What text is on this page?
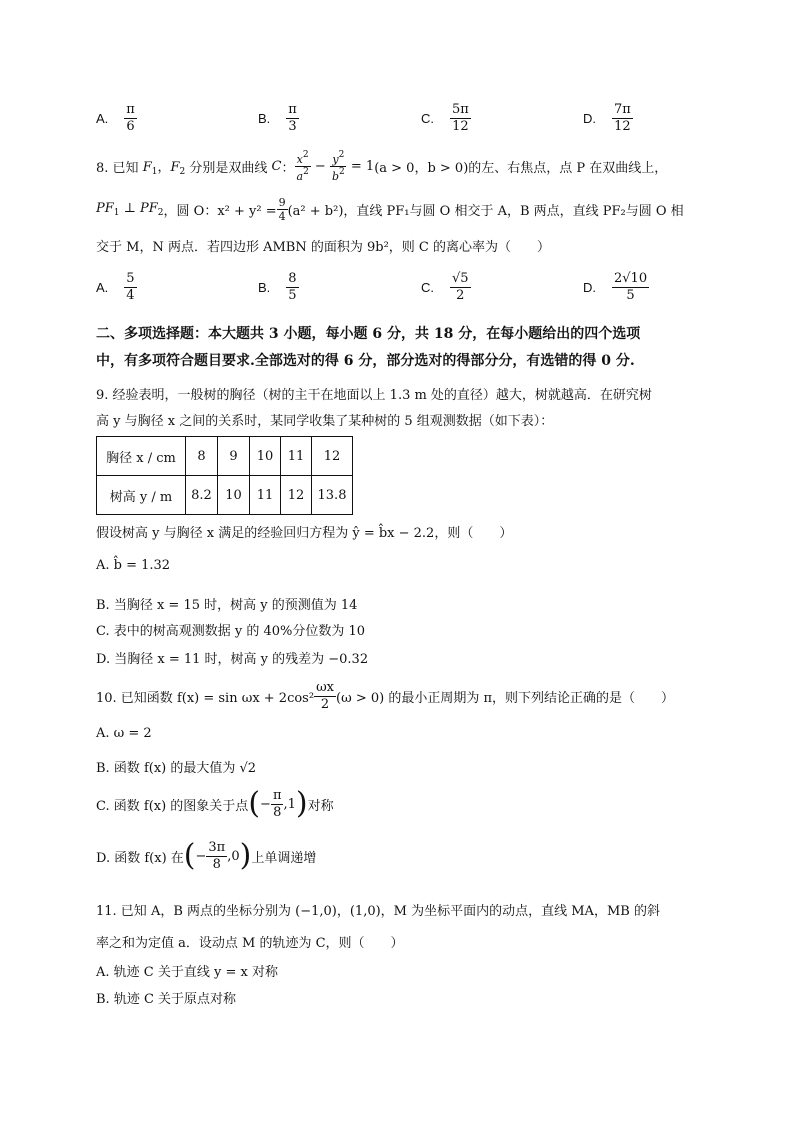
A. $\frac{\pi}{6}$	B. $\frac{\pi}{3}$	C. $\frac{5\pi}{12}$	D. $\frac{7\pi}{12}$
8. 已知 $F_1$，$F_2$ 分别是双曲线
C ： $\frac{x^2}{a^2} - \frac{y^2}{b^2} = 1$ (a > 0，b > 0)的左、右焦点，点 P 在双曲线上，
$PF_1$ ⊥ $PF_2$ ，圆 O：$x^2 + y^2 = \frac{9}{4} (a^2 + b^2)$，直线 PF₁与圆 O 相交于 A，B 两点，直线 PF₂与圆 O 相
交于 M，N 两点．若四边形 AMBN 的面积为 9b²，则 C 的离心率为（　　）
A. $\frac{5}{4}$	B. $\frac{8}{5}$	C. $\frac{√5}{2}$	D. $\frac{2√10}{5}$
二、多项选择题：本大题共 3 小题，每小题 6 分，共 18 分，在每小题给出的四个选项
中，有多项符合题目要求.全部选对的得 6 分，部分选对的得部分分，有选错的得 0 分.
9. 经验表明，一般树的胸径（树的主干在地面以上 1.3 m 处的直径）越大，树就越高．在研究树
高 y 与胸径 x 之间的关系时，某同学收集了某种树的 5 组观测数据（如下表）：
胸径 x / cm	8	9	10	11	12
树高 y / m	8.2	10	11	12	13.8
假设树高 y 与胸径 x 满足的经验回归方程为 ŷ = b̂x − 2.2，则（　　）
A. b̂ = 1.32
B. 当胸径 x = 15 时，树高 y 的预测值为 14
C. 表中的树高观测数据 y 的 40%分位数为 10
D. 当胸径 x = 11 时，树高 y 的残差为 −0.32
10. 已知函数 $f(x) = \sin \omega x + 2\cos^2 \frac{\omega x}{2} (\omega > 0)$ 的最小正周期为 π，则下列结论正确的是（　　）
A. ω = 2
B. 函数 f(x) 的最大值为 √2
C. 函数 f(x) 的图象关于点 ( − $\frac{\pi}{8} ,1$ ) 对称
D. 函数 f(x) 在 ( − $\frac{3\pi}{8} ,0$ ) 上单调递增
11. 已知 A，B 两点的坐标分别为 (−1,0)，(1,0)，M 为坐标平面内的动点，直线 MA，MB 的斜
率之和为定值 a．设动点 M 的轨迹为 C，则（　　）
A. 轨迹 C 关于直线 y = x 对称
B. 轨迹 C 关于原点对称
